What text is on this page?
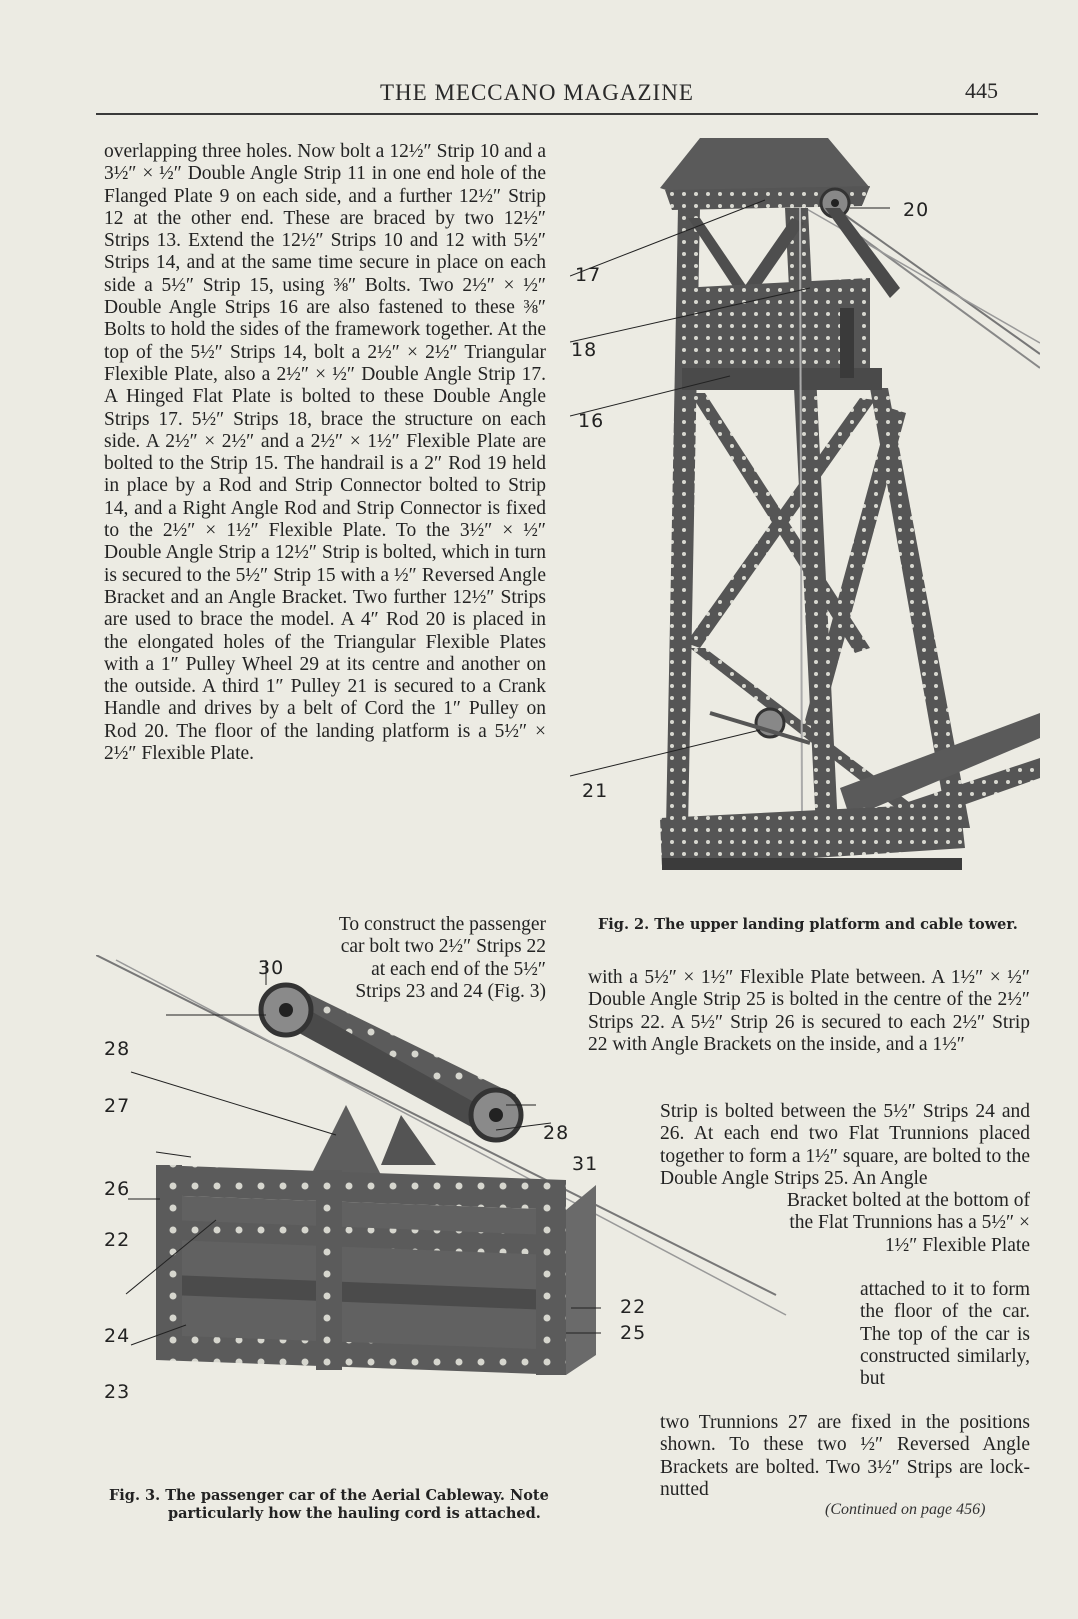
THE MECCANO MAGAZINE	445

overlapping three holes. Now bolt a 12½″ Strip 10 and a 3½″ × ½″ Double Angle Strip 11 in one end hole of the Flanged Plate 9 on each side, and a further 12½″ Strip 12 at the other end. These are braced by two 12½″ Strips 13. Extend the 12½″ Strips 10 and 12 with 5½″ Strips 14, and at the same time secure in place on each side a 5½″ Strip 15, using ⅜″ Bolts. Two 2½″ × ½″ Double Angle Strips 16 are also fastened to these ⅜″ Bolts to hold the sides of the framework together. At the top of the 5½″ Strips 14, bolt a 2½″ × 2½″ Triangular Flexible Plate, also a 2½″ × ½″ Double Angle Strip 17. A Hinged Flat Plate is bolted to these Double Angle Strips 17. 5½″ Strips 18, brace the structure on each side. A 2½″ × 2½″ and a 2½″ × 1½″ Flexible Plate are bolted to the Strip 15. The handrail is a 2″ Rod 19 held in place by a Rod and Strip Connector bolted to Strip 14, and a Right Angle Rod and Strip Connector is fixed to the 2½″ × 1½″ Flexible Plate. To the 3½″ × ½″ Double Angle Strip a 12½″ Strip is bolted, which in turn is secured to the 5½″ Strip 15 with a ½″ Reversed Angle Bracket and an Angle Bracket. Two further 12½″ Strips are used to brace the model. A 4″ Rod 20 is placed in the elongated holes of the Triangular Flexible Plates with a 1″ Pulley Wheel 29 at its centre and another on the outside. A third 1″ Pulley 21 is secured to a Crank Handle and drives by a belt of Cord the 1″ Pulley on Rod 20. The floor of the landing platform is a 5½″ × 2½″ Flexible Plate.

To construct the passenger car bolt two 2½″ Strips 22 at each end of the 5½″ Strips 23 and 24 (Fig. 3)

20
17
18
16
21
Fig. 2. The upper landing platform and cable tower.

with a 5½″ × 1½″ Flexible Plate between. A 1½″ × ½″ Double Angle Strip 25 is bolted in the centre of the 2½″ Strips 22. A 5½″ Strip 26 is secured to each 2½″ Strip 22 with Angle Brackets on the inside, and a 1½″

Strip is bolted between the 5½″ Strips 24 and 26. At each end two Flat Trunnions placed together to form a 1½″ square, are bolted to the Double Angle Strips 25. An Angle

Bracket bolted at the bottom of the Flat Trunnions has a 5½″ × 1½″ Flexible Plate

attached to it to form the floor of the car. The top of the car is constructed similarly, but

two Trunnions 27 are fixed in the positions shown. To these two ½″ Reversed Angle Brackets are bolted. Two 3½″ Strips are lock-nutted

(Continued on page 456)
30
28
27
28
31
26
22
24
23
22
25
Fig. 3. The passenger car of the Aerial Cableway. Note
particularly how the hauling cord is attached.
